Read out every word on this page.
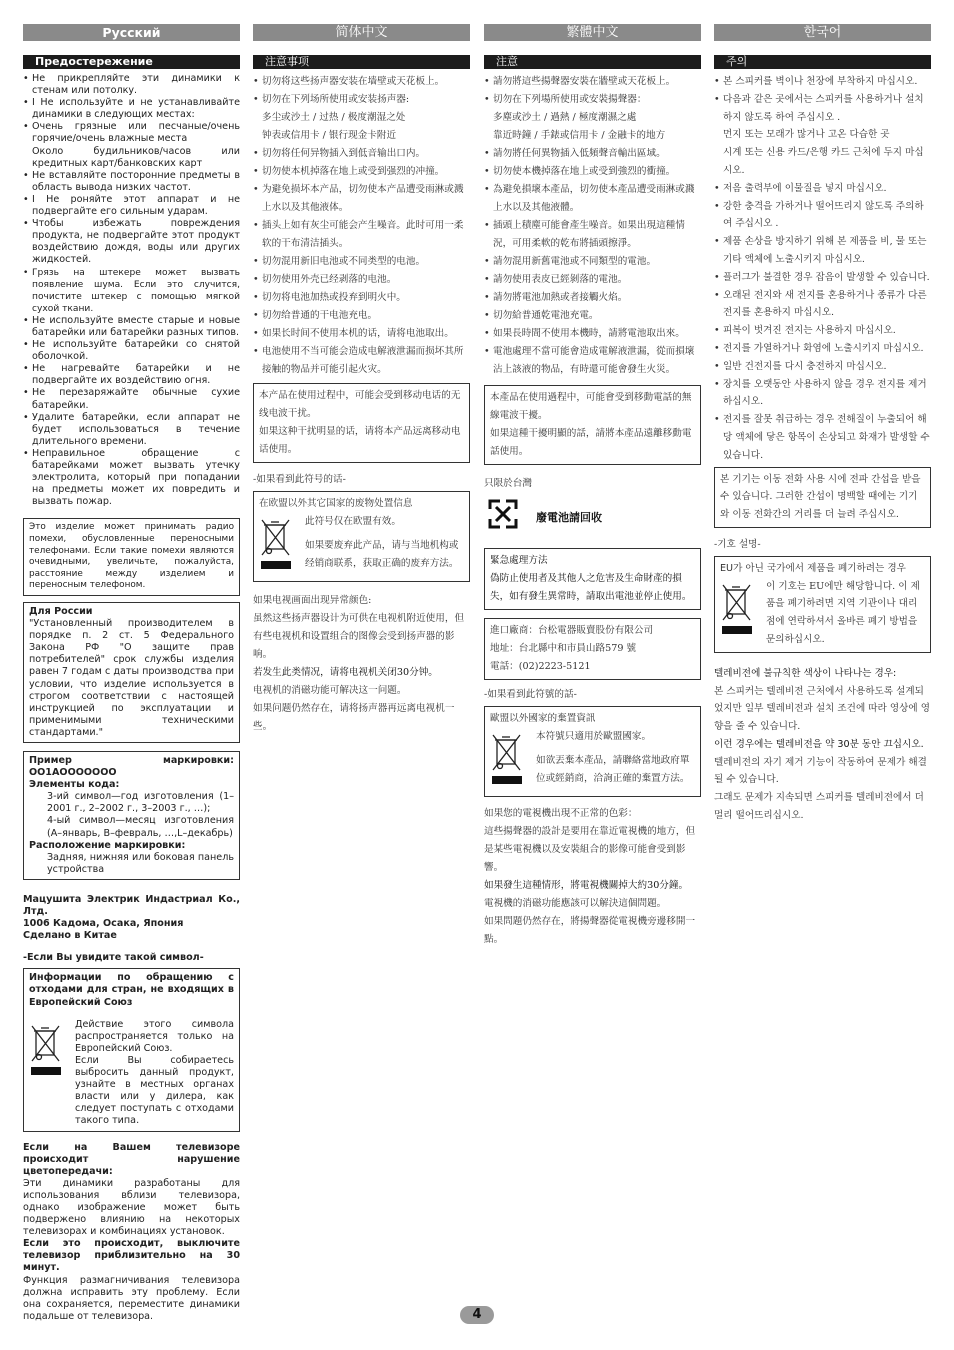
Русский
Предостережение
• Не прикрепляйте эти динамики к стенам или потолку.
• I Не используйте и не устанавливайте динамики в следующих местах:
• Очень грязные или песчаные/очень горячие/очень влажные места
Около будильников/часов или кредитных карт/банковских карт
• Не вставляйте посторонние предметы в область вывода низких частот.
• I Не роняйте этот аппарат и не подвергайте его сильным ударам.
• Чтобы избежать повреждения продукта, не подвергайте этот продукт воздействию дождя, воды или других жидкостей.
• Грязь на штекере может вызвать появление шума. Если это случится, почистите штекер с помощью мягкой сухой ткани.
• Не используйте вместе старые и новые батарейки или батарейки разных типов.
• Не используйте батарейки со снятой оболочкой.
• Не нагревайте батарейки и не подвергайте их воздействию огня.
• Не перезаряжайте обычные сухие батарейки.
• Удалите батарейки, если аппарат не будет использоваться в течение длительного времени.
• Неправильное обращение с батарейками может вызвать утечку электролита, который при попадании на предметы может их повредить и вызвать пожар.
Это изделие может принимать радио помехи, обусловленные переносными телефонами. Если такие помехи являются очевидными, увеличьте, пожалуйста, расстояние между изделием и переносным телефоном.
Для России
"Установленный производителем в порядке п. 2 ст. 5 Федерального Закона РФ "О защите прав потребителей" срок службы изделия равен 7 годам с даты производства при условии, что изделие используется в строгом соответствии с настоящей инструкцией по эксплуатации и применимыми техническими стандартами."
Пример маркировки: OO1AOOOOOOO
Элементы кода:
3-ий символ—год изготовления (1–2001 г., 2–2002 г., 3–2003 г., …);
4-ый символ—месяц изготовления (А–январь, В–февраль, …,L–декабрь)
Расположение маркировки:
Задняя, нижняя или боковая панель устройства
Мацушита Электрик Индастриал Ко., Лтд.
1006 Кадома, Осака, Япония
Сделано в Китае
-Если Вы увидите такой символ-
Информации по обращению с отходами для стран, не входящих в Европейский Союз
Действие этого символа распространяется только на Европейский Союз.
Если Вы собираетесь выбросить данный продукт, узнайте в местных органах власти или у дилера, как следует поступать с отходами такого типа.
Если на Вашем телевизоре происходит нарушение цветопередачи:
Эти динамики разработаны для использования вблизи телевизора, однако изображение может быть подвержено влиянию на некоторых телевизорах и комбинациях установок.
Если это происходит, выключите телевизор приблизительно на 30 минут.
Функция размагничивания телевизора должна исправить эту проблему. Если она сохраняется, переместите динамики подальше от телевизора.
简体中文
注意事项
• 切勿将这些扬声器安装在墙壁或天花板上。
• 切勿在下列场所使用或安装扬声器:
多尘或沙土 / 过热 / 极度潮湿之处
钟表或信用卡 / 银行现金卡附近
• 切勿将任何异物插入到低音输出口内。
• 切勿使本机掉落在地上或受到强烈的冲撞。
• 为避免损坏本产品，切勿使本产品遭受雨淋或溅上水以及其他液体。
• 插头上如有灰尘可能会产生噪音。此时可用一柔软的干布清洁插头。
• 切勿混用新旧电池或不同类型的电池。
• 切勿使用外壳已经剥落的电池。
• 切勿将电池加热或投弃到明火中。
• 切勿给普通的干电池充电。
• 如果长时间不使用本机的话，请将电池取出。
• 电池使用不当可能会造成电解液泄漏而损坏其所接触的物品并可能引起火灾。
本产品在使用过程中，可能会受到移动电话的无线电波干扰。
如果这种干扰明显的话，请将本产品远离移动电话使用。
-如果看到此符号的话-
在欧盟以外其它国家的废物处置信息
此符号仅在欧盟有效。
如果要废弃此产品，请与当地机构或经销商联系，获取正确的废弃方法。
如果电视画面出现异常颜色:
虽然这些扬声器设计为可供在电视机附近使用，但有些电视机和设置组合的图像会受到扬声器的影响。
若发生此类情况，请将电视机关闭30分钟。
电视机的消磁功能可解决这一问题。
如果问题仍然存在，请将扬声器再远离电视机一些。
繁體中文
注意
• 請勿將這些揚聲器安裝在牆壁或天花板上。
• 切勿在下列場所使用或安裝揚聲器：
多塵或沙土 / 過熱 / 極度潮濕之處
靠近時鐘 / 手錶或信用卡 / 金融卡的地方
• 請勿將任何異物插入低頻聲音輸出區域。
• 切勿使本機掉落在地上或受到強烈的衝撞。
• 為避免損壞本產品，切勿使本產品遭受雨淋或濺上水以及其他液體。
• 插頭上積塵可能會產生噪音。如果出現這種情況，可用柔軟的乾布將插頭擦淨。
• 請勿混用新舊電池或不同類型的電池。
• 請勿使用表皮已經剝落的電池。
• 請勿將電池加熱或者接觸火焰。
• 切勿給普通乾電池充電。
• 如果長時間不使用本機時，請將電池取出來。
• 電池處理不當可能會造成電解液泄漏，從而損壞沾上該液的物品，有時還可能會發生火災。
本產品在使用過程中，可能會受到移動電話的無線電波干擾。
如果這種干擾明顯的話，請將本產品遠離移動電話使用。
只限於台灣
廢電池請回收
緊急處理方法
偽防止使用者及其他人之危害及生命財產的損失，如有發生異常時，請取出電池並停止使用。
進口廠商：台松電器販賣股份有限公司
地址：台北縣中和市員山路579 號
電話：(02)2223-5121
-如果看到此符號的話-
歐盟以外國家的棄置資訊
本符號只適用於歐盟國家。
如欲丟棄本產品，請聯絡當地政府單位或經銷商，洽詢正確的棄置方法。
如果您的電視機出現不正常的色彩：
這些揚聲器的設計是要用在靠近電視機的地方，但是某些電視機以及安裝組合的影像可能會受到影響。
如果發生這種情形，將電視機關掉大約30分鐘。
電視機的消磁功能應該可以解決這個問題。
如果問題仍然存在，將揚聲器從電視機旁邊移開一點。
한국어
주의
• 본 스피커를 벽이나 천장에 부착하지 마십시오.
• 다음과 같은 곳에서는 스피커를 사용하거나 설치하지 않도록 하여 주십시오 .
먼지 또는 모래가 많거나 고온 다습한 곳
시계 또는 신용 카드/은행 카드 근처에 두지 마십시오.
• 저음 출력부에 이물질을 넣지 마십시오.
• 강한 충격을 가하거나 떨어뜨리지 않도록 주의하여 주십시오 .
• 제품 손상을 방지하기 위해 본 제품을 비, 물 또는 기타 액체에 노출시키지 마십시오.
• 플러그가 불결한 경우 잡음이 발생할 수 있습니다.
• 오래된 전지와 새 전지를 혼용하거나 종류가 다른 전지를 혼용하지 마십시오.
• 피복이 벗겨진 전지는 사용하지 마십시오.
• 전지를 가열하거나 화염에 노출시키지 마십시오.
• 일반 건전지를 다시 충전하지 마십시오.
• 장치를 오랫동안 사용하지 않을 경우 전지를 제거하십시오.
• 전지를 잘못 취급하는 경우 전해질이 누출되어 해당 액체에 닿은 항목이 손상되고 화재가 발생할 수 있습니다.
본 기기는 이동 전화 사용 시에 전파 간섭을 받을 수 있습니다. 그러한 간섭이 명백할 때에는 기기와 이동 전화간의 거리를 더 늘려 주십시오.
-기호 설명-
EU가 아닌 국가에서 제품을 폐기하려는 경우
이 기호는 EU에만 해당합니다. 이 제품을 폐기하려면 지역 기관이나 대리점에 연락하셔서 올바른 폐기 방법을 문의하십시오.
텔레비전에 불규칙한 색상이 나타나는 경우:
본 스피커는 텔레비전 근처에서 사용하도록 설계되었지만 일부 텔레비전과 설치 조건에 따라 영상에 영향을 줄 수 있습니다.
이런 경우에는 텔레비전을 약 30분 동안 끄십시오.
텔레비전의 자기 제거 기능이 작동하여 문제가 해결될 수 있습니다.
그래도 문제가 지속되면 스피커를 텔레비전에서 더 멀리 떨어뜨리십시오.
4
